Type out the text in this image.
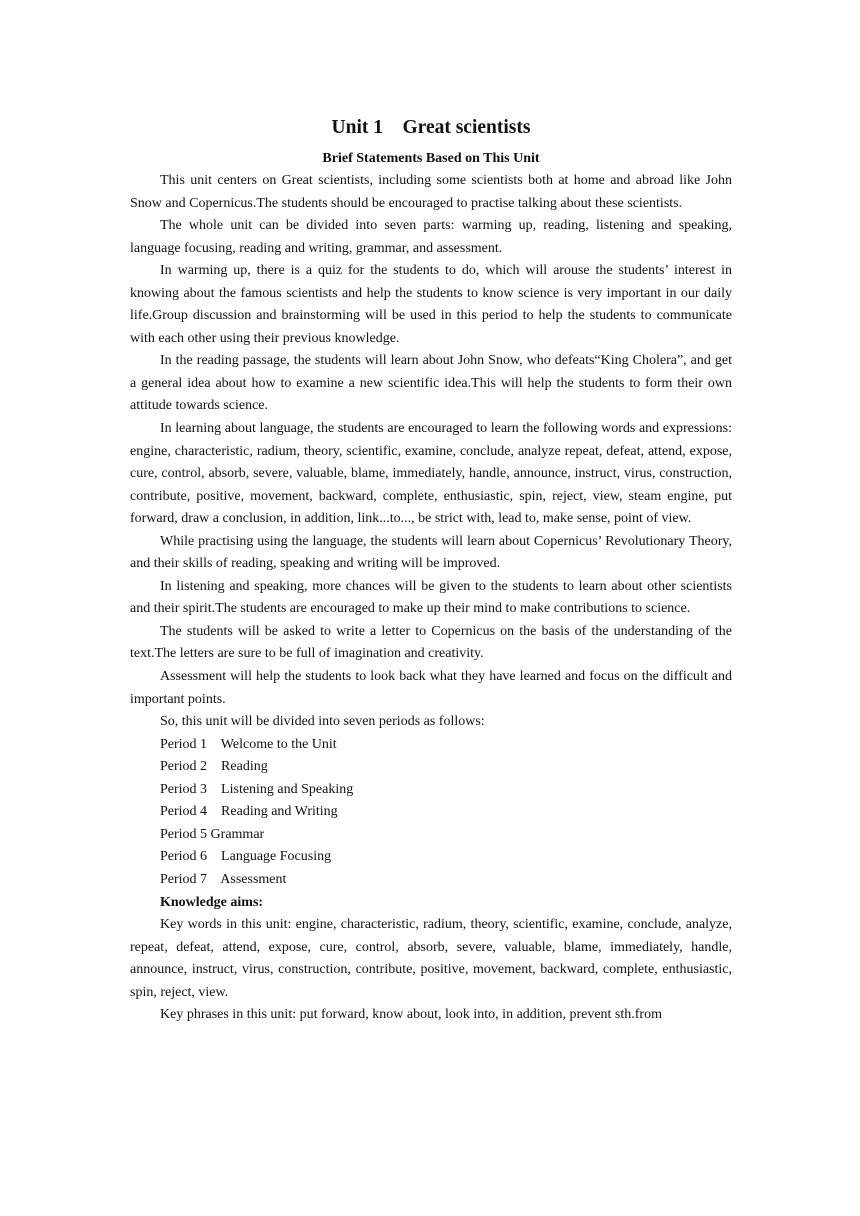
Unit 1    Great scientists
Brief Statements Based on This Unit

This unit centers on Great scientists, including some scientists both at home and abroad like John Snow and Copernicus.The students should be encouraged to practise talking about these scientists.

The whole unit can be divided into seven parts: warming up, reading, listening and speaking, language focusing, reading and writing, grammar, and assessment.

In warming up, there is a quiz for the students to do, which will arouse the students’ interest in knowing about the famous scientists and help the students to know science is very important in our daily life.Group discussion and brainstorming will be used in this period to help the students to communicate with each other using their previous knowledge.

In the reading passage, the students will learn about John Snow, who defeats“King Cholera”, and get a general idea about how to examine a new scientific idea.This will help the students to form their own attitude towards science.

In learning about language, the students are encouraged to learn the following words and expressions: engine, characteristic, radium, theory, scientific, examine, conclude, analyze repeat, defeat, attend, expose, cure, control, absorb, severe, valuable, blame, immediately, handle, announce, instruct, virus, construction, contribute, positive, movement, backward, complete, enthusiastic, spin, reject, view, steam engine, put forward, draw a conclusion, in addition, link...to..., be strict with, lead to, make sense, point of view.

While practising using the language, the students will learn about Copernicus’ Revolutionary Theory, and their skills of reading, speaking and writing will be improved.

In listening and speaking, more chances will be given to the students to learn about other scientists and their spirit.The students are encouraged to make up their mind to make contributions to science.

The students will be asked to write a letter to Copernicus on the basis of the understanding of the text.The letters are sure to be full of imagination and creativity.

Assessment will help the students to look back what they have learned and focus on the difficult and important points.

So, this unit will be divided into seven periods as follows:

Period 1    Welcome to the Unit

Period 2    Reading

Period 3    Listening and Speaking

Period 4    Reading and Writing

Period 5 Grammar

Period 6    Language Focusing

Period 7    Assessment

Knowledge aims:

Key words in this unit: engine, characteristic, radium, theory, scientific, examine, conclude, analyze, repeat, defeat, attend, expose, cure, control, absorb, severe, valuable, blame, immediately, handle, announce, instruct, virus, construction, contribute, positive, movement, backward, complete, enthusiastic, spin, reject, view.

Key phrases in this unit: put forward, know about, look into, in addition, prevent sth.from
